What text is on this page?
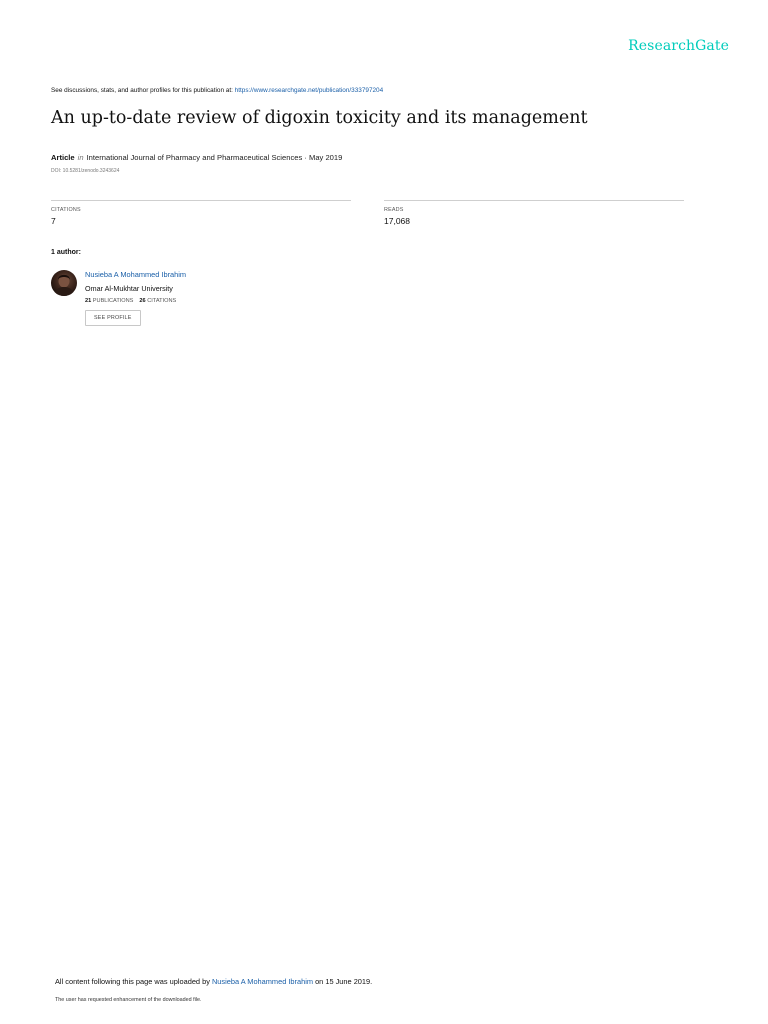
ResearchGate
See discussions, stats, and author profiles for this publication at: https://www.researchgate.net/publication/333797204
An up-to-date review of digoxin toxicity and its management
Article in International Journal of Pharmacy and Pharmaceutical Sciences · May 2019
DOI: 10.5281/zenodo.3243624
CITATIONS
7
READS
17,068
1 author:
Nusieba A Mohammed Ibrahim
Omar Al-Mukhtar University
21 PUBLICATIONS 26 CITATIONS
SEE PROFILE
All content following this page was uploaded by Nusieba A Mohammed Ibrahim on 15 June 2019.
The user has requested enhancement of the downloaded file.
